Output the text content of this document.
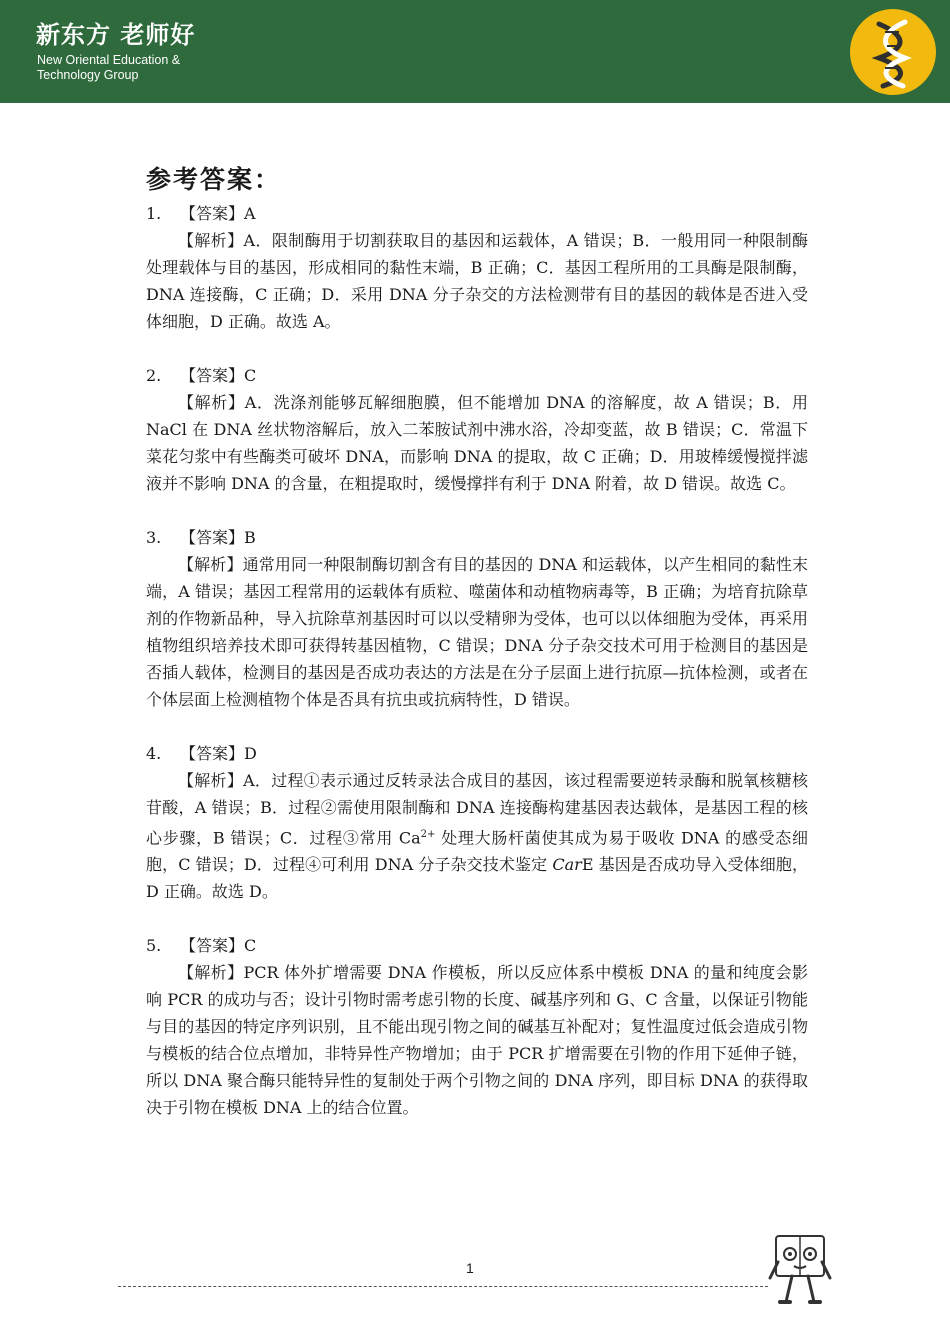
新东方 老师好
New Oriental Education & Technology Group
参考答案：
1. 【答案】A
【解析】A．限制酶用于切割获取目的基因和运载体，A 错误；B．一般用同一种限制酶处理载体与目的基因，形成相同的黏性末端，B 正确；C．基因工程所用的工具酶是限制酶，DNA 连接酶，C 正确；D．采用 DNA 分子杂交的方法检测带有目的基因的载体是否进入受体细胞，D 正确。故选 A。
2. 【答案】C
【解析】A．洗涤剂能够瓦解细胞膜，但不能增加 DNA 的溶解度，故 A 错误；B．用 NaCl 在 DNA 丝状物溶解后，放入二苯胺试剂中沸水浴，冷却变蓝，故 B 错误；C．常温下菜花匀浆中有些酶类可破坏 DNA，而影响 DNA 的提取，故 C 正确；D．用玻棒缓慢搅拌滤液并不影响 DNA 的含量，在粗提取时，缓慢撑拌有利于 DNA 附着，故 D 错误。故选 C。
3. 【答案】B
【解析】通常用同一种限制酶切割含有目的基因的 DNA 和运载体，以产生相同的黏性末端，A 错误；基因工程常用的运载体有质粒、噬菌体和动植物病毒等，B 正确；为培育抗除草剂的作物新品种，导入抗除草剂基因时可以以受精卵为受体，也可以以体细胞为受体，再采用植物组织培养技术即可获得转基因植物，C 错误；DNA 分子杂交技术可用于检测目的基因是否插人载体，检测目的基因是否成功表达的方法是在分子层面上进行抗原—抗体检测，或者在个体层面上检测植物个体是否具有抗虫或抗病特性，D 错误。
4. 【答案】D
【解析】A．过程①表示通过反转录法合成目的基因，该过程需要逆转录酶和脱氧核糖核苷酸，A 错误；B．过程②需使用限制酶和 DNA 连接酶构建基因表达载体，是基因工程的核心步骤，B 错误；C．过程③常用 $Ca^{2+}$ 处理大肠杆菌使其成为易于吸收 DNA 的感受态细胞，C 错误；D．过程④可利用 DNA 分子杂交技术鉴定 CarE 基因是否成功导入受体细胞，D 正确。故选 D。
5. 【答案】C
【解析】PCR 体外扩增需要 DNA 作模板，所以反应体系中模板 DNA 的量和纯度会影响 PCR 的成功与否；设计引物时需考虑引物的长度、碱基序列和 G、C 含量，以保证引物能与目的基因的特定序列识别，且不能出现引物之间的碱基互补配对；复性温度过低会造成引物与模板的结合位点增加，非特异性产物增加；由于 PCR 扩增需要在引物的作用下延伸子链，所以 DNA 聚合酶只能特异性的复制处于两个引物之间的 DNA 序列，即目标 DNA 的获得取决于引物在模板 DNA 上的结合位置。
1
